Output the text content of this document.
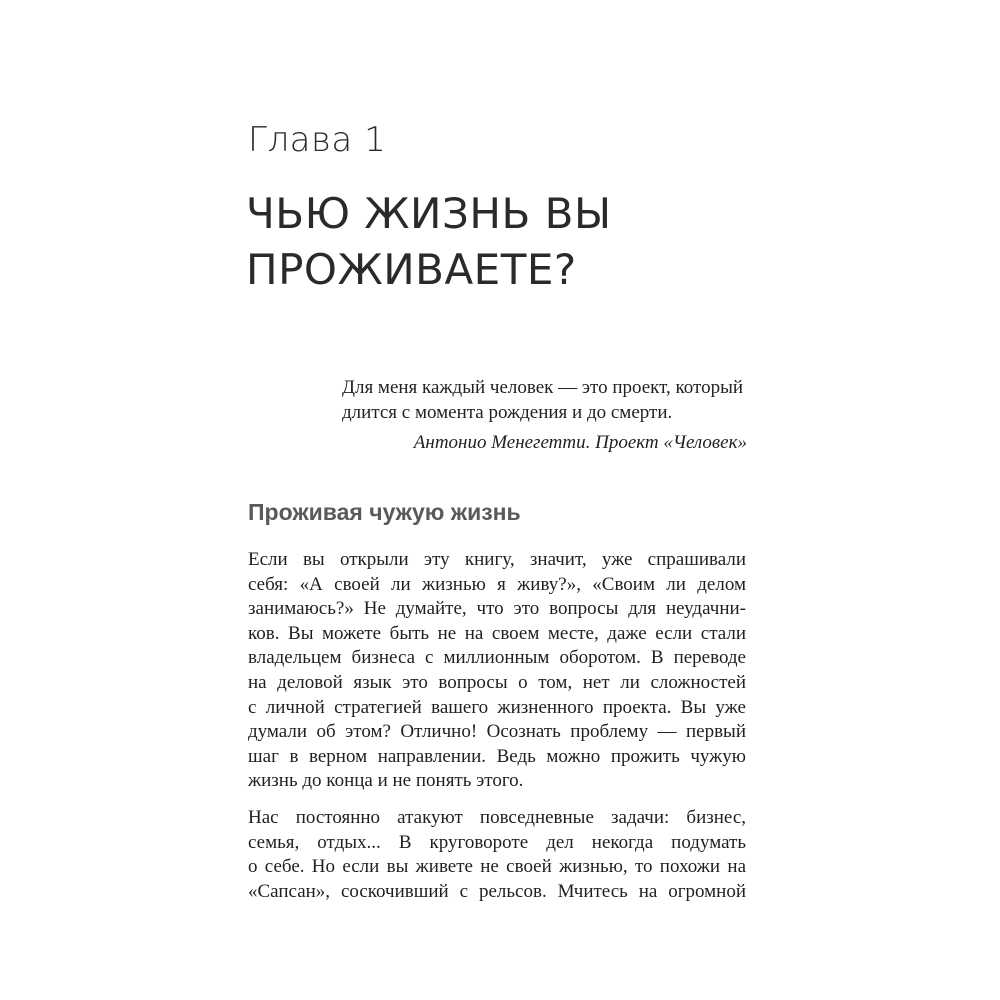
Глава 1
ЧЬЮ ЖИЗНЬ ВЫ
ПРОЖИВАЕТЕ?
Для меня каждый человек — это проект, который
длится с момента рождения и до смерти.
Антонио Менегетти. Проект «Человек»
Проживая чужую жизнь

Если вы открыли эту книгу, значит, уже спрашивали
себя: «А своей ли жизнью я живу?», «Своим ли делом
занимаюсь?» Не думайте, что это вопросы для неудачни-
ков. Вы можете быть не на своем месте, даже если стали
владельцем бизнеса с миллионным оборотом. В переводе
на деловой язык это вопросы о том, нет ли сложностей
с личной стратегией вашего жизненного проекта. Вы уже
думали об этом? Отлично! Осознать проблему — первый
шаг в верном направлении. Ведь можно прожить чужую
жизнь до конца и не понять этого.

Нас постоянно атакуют повседневные задачи: бизнес,
семья, отдых... В круговороте дел некогда подумать
о себе. Но если вы живете не своей жизнью, то похожи на
«Сапсан», соскочивший с рельсов. Мчитесь на огромной
